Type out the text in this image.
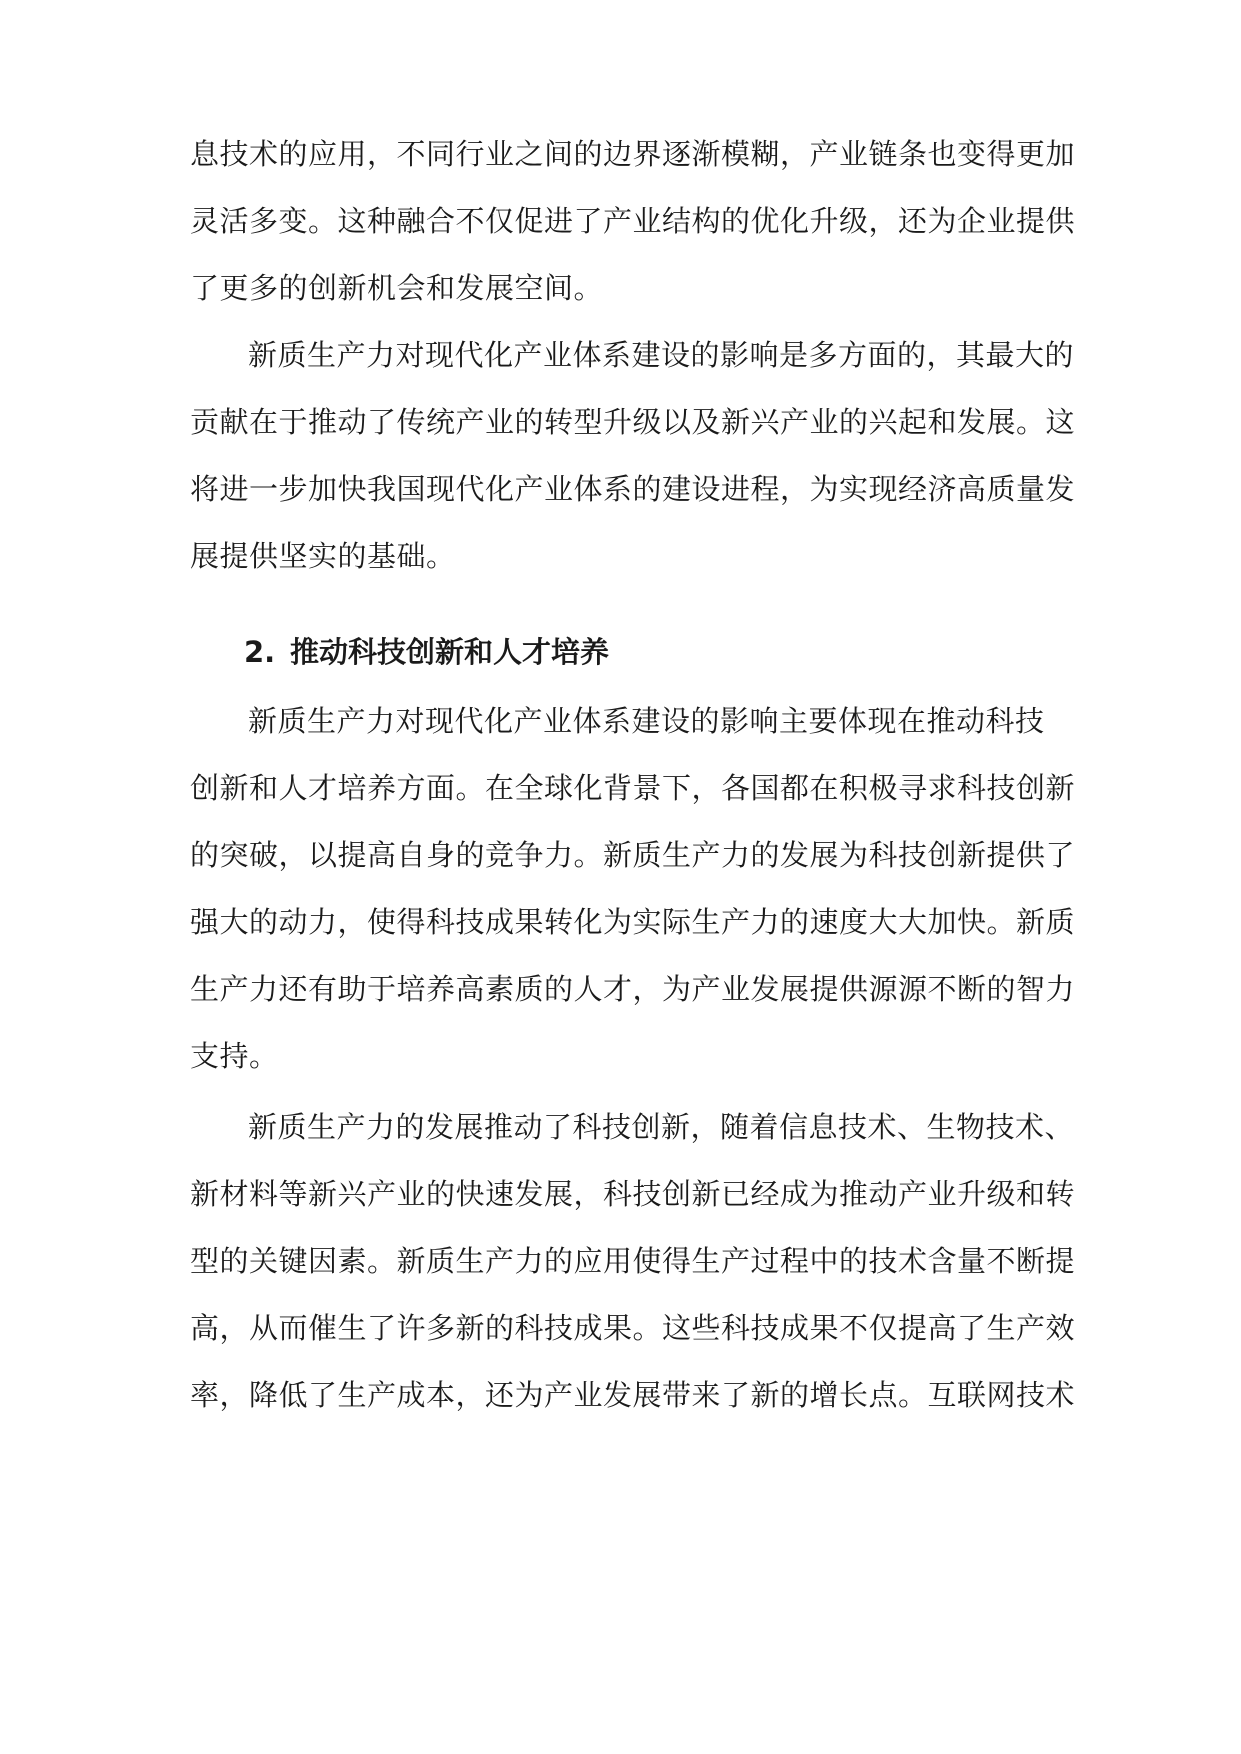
息技术的应用，不同行业之间的边界逐渐模糊，产业链条也变得更加

灵活多变。这种融合不仅促进了产业结构的优化升级，还为企业提供

了更多的创新机会和发展空间。

新质生产力对现代化产业体系建设的影响是多方面的，其最大的

贡献在于推动了传统产业的转型升级以及新兴产业的兴起和发展。这

将进一步加快我国现代化产业体系的建设进程，为实现经济高质量发

展提供坚实的基础。

2. 推动科技创新和人才培养

新质生产力对现代化产业体系建设的影响主要体现在推动科技

创新和人才培养方面。在全球化背景下，各国都在积极寻求科技创新

的突破，以提高自身的竞争力。新质生产力的发展为科技创新提供了

强大的动力，使得科技成果转化为实际生产力的速度大大加快。新质

生产力还有助于培养高素质的人才，为产业发展提供源源不断的智力

支持。

新质生产力的发展推动了科技创新，随着信息技术、生物技术、

新材料等新兴产业的快速发展，科技创新已经成为推动产业升级和转

型的关键因素。新质生产力的应用使得生产过程中的技术含量不断提

高，从而催生了许多新的科技成果。这些科技成果不仅提高了生产效

率，降低了生产成本，还为产业发展带来了新的增长点。互联网技术
